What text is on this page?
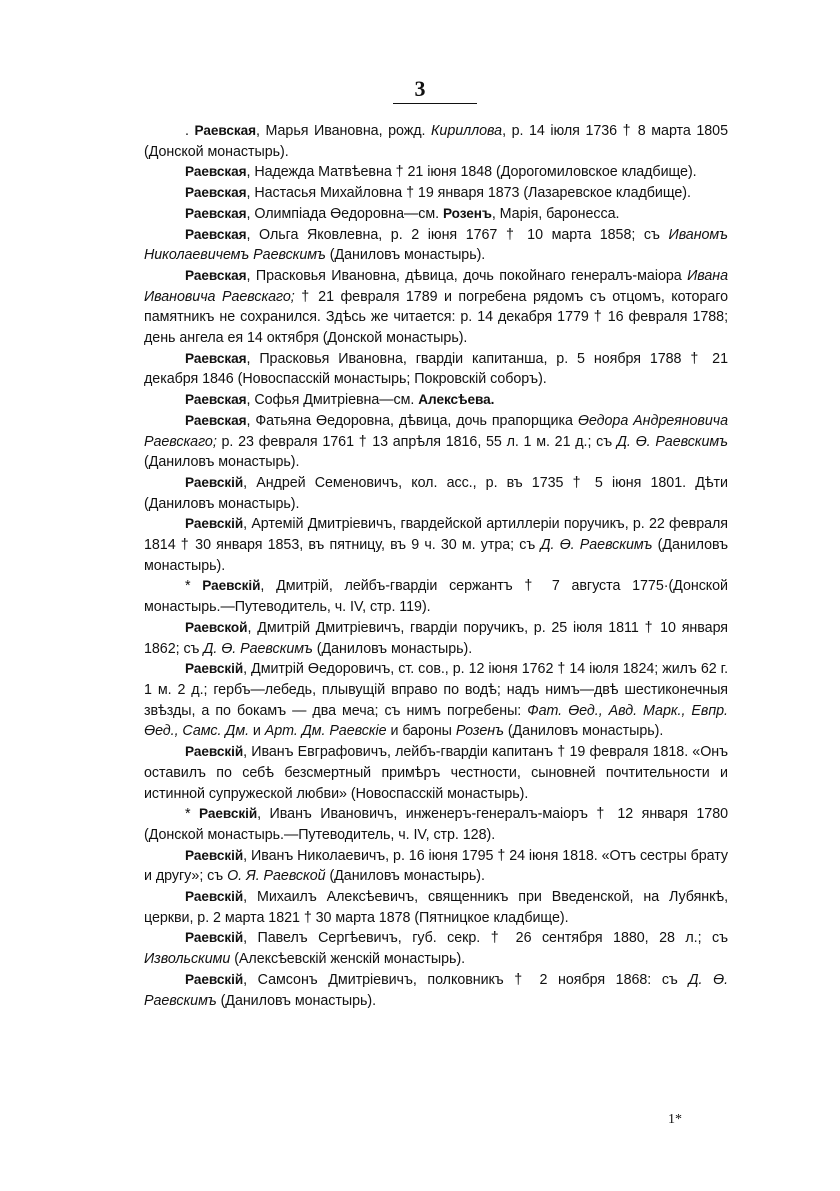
3

. Раевская, Марья Ивановна, рожд. Кириллова, р. 14 іюля 1736 † 8 марта 1805 (Донской монастырь).

Раевская, Надежда Матвѣевна † 21 іюня 1848 (Дорогомиловское кладбище).

Раевская, Настасья Михайловна † 19 января 1873 (Лазаревское кладбище).

Раевская, Олимпіада Өедоровна—см. Розенъ, Марія, баронесса.

Раевская, Ольга Яковлевна, р. 2 іюня 1767 † 10 марта 1858; съ Иваномъ Николаевичемъ Раевскимъ (Даниловъ монастырь).

Раевская, Прасковья Ивановна, дѣвица, дочь покойнаго генералъ-маіора Ивана Ивановича Раевскаго; † 21 февраля 1789 и погребена рядомъ съ отцомъ, котораго памятникъ не сохранился. Здѣсь же читается: р. 14 декабря 1779 † 16 февраля 1788; день ангела ея 14 октября (Донской монастырь).

Раевская, Прасковья Ивановна, гвардіи капитанша, р. 5 ноября 1788 † 21 декабря 1846 (Новоспасскій монастырь; Покровскій соборъ).

Раевская, Софья Дмитріевна—см. Алексѣева.

Раевская, Фатьяна Өедоровна, дѣвица, дочь прапорщика Өедора Андреяновича Раевскаго; р. 23 февраля 1761 † 13 апрѣля 1816, 55 л. 1 м. 21 д.; съ Д. Ө. Раевскимъ (Даниловъ монастырь).

Раевскій, Андрей Семеновичъ, кол. асс., р. въ 1735 † 5 іюня 1801. Дѣти (Даниловъ монастырь).

Раевскій, Артемій Дмитріевичъ, гвардейской артиллеріи поручикъ, р. 22 февраля 1814 † 30 января 1853, въ пятницу, въ 9 ч. 30 м. утра; съ Д. Ө. Раевскимъ (Даниловъ монастырь).

* Раевскій, Дмитрій, лейбъ-гвардіи сержантъ † 7 августа 1775·(Донской монастырь.—Путеводитель, ч. IV, стр. 119).

Раевской, Дмитрій Дмитріевичъ, гвардіи поручикъ, р. 25 іюля 1811 † 10 января 1862; съ Д. Ө. Раевскимъ (Даниловъ монастырь).

Раевскій, Дмитрій Өедоровичъ, ст. сов., р. 12 іюня 1762 † 14 іюля 1824; жилъ 62 г. 1 м. 2 д.; гербъ—лебедь, плывущій вправо по водѣ; надъ нимъ—двѣ шестиконечныя звѣзды, а по бокамъ — два меча; съ нимъ погребены: Фат. Өед., Авд. Марк., Евпр. Өед., Самс. Дм. и Арт. Дм. Раевскіе и бароны Розенъ (Даниловъ монастырь).

Раевскій, Иванъ Евграфовичъ, лейбъ-гвардіи капитанъ † 19 февраля 1818. «Онъ оставилъ по себѣ безсмертный примѣръ честности, сыновней почтительности и истинной супружеской любви» (Новоспасскій монастырь).

* Раевскій, Иванъ Ивановичъ, инженеръ-генералъ-маіоръ † 12 января 1780 (Донской монастырь.—Путеводитель, ч. IV, стр. 128).

Раевскій, Иванъ Николаевичъ, р. 16 іюня 1795 † 24 іюня 1818. «Отъ сестры брату и другу»; съ О. Я. Раевской (Даниловъ монастырь).

Раевскій, Михаилъ Алексѣевичъ, священникъ при Введенской, на Лубянкѣ, церкви, р. 2 марта 1821 † 30 марта 1878 (Пятницкое кладбище).

Раевскій, Павелъ Сергѣевичъ, губ. секр. † 26 сентября 1880, 28 л.; съ Извольскими (Алексѣевскій женскій монастырь).

Раевскій, Самсонъ Дмитріевичъ, полковникъ † 2 ноября 1868: съ Д. Ө. Раевскимъ (Даниловъ монастырь).

1*
